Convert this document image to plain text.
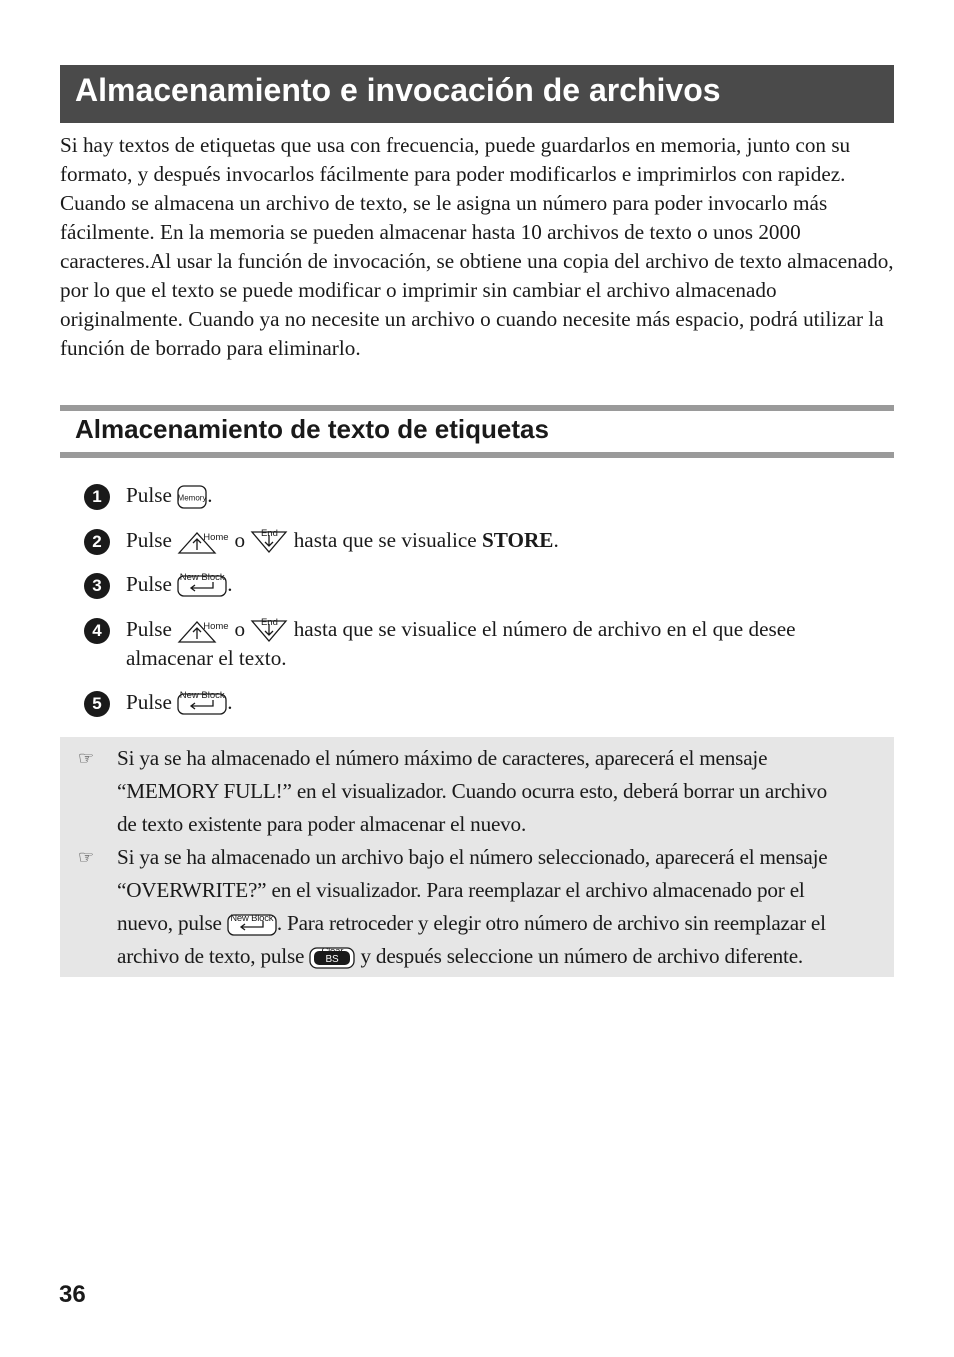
Almacenamiento e invocación de archivos

Si hay textos de etiquetas que usa con frecuencia, puede guardarlos en memoria, junto con su formato, y después invocarlos fácilmente para poder modificarlos e imprimirlos con rapidez. Cuando se almacena un archivo de texto, se le asigna un número para poder invocarlo más fácilmente. En la memoria se pueden almacenar hasta 10 archivos de texto o unos 2000 caracteres.Al usar la función de invocación, se obtiene una copia del archivo de texto almacenado, por lo que el texto se puede modificar o imprimir sin cambiar el archivo almacenado originalmente. Cuando ya no necesite un archivo o cuando necesite más espacio, podrá utilizar la función de borrado para eliminarlo.

Almacenamiento de texto de etiquetas
1	Pulse Memory .
2	Pulse	Home o	End hasta que se visualice STORE.
3	Pulse New Block .
4	Pulse	Home o	End hasta que se visualice el número de archivo en el que desee
almacenar el texto.
5	Pulse New Block .
☞ Si ya se ha almacenado el número máximo de caracteres, aparecerá el mensaje
“MEMORY FULL!” en el visualizador. Cuando ocurra esto, deberá borrar un archivo
de texto existente para poder almacenar el nuevo.
☞ Si ya se ha almacenado un archivo bajo el número seleccionado, aparecerá el mensaje
“OVERWRITE?” en el visualizador. Para reemplazar el archivo almacenado por el
nuevo, pulse New Block . Para retroceder y elegir otro número de archivo sin reemplazar el
archivo de texto, pulse	Clear
BS y después seleccione un número de archivo diferente.
36
